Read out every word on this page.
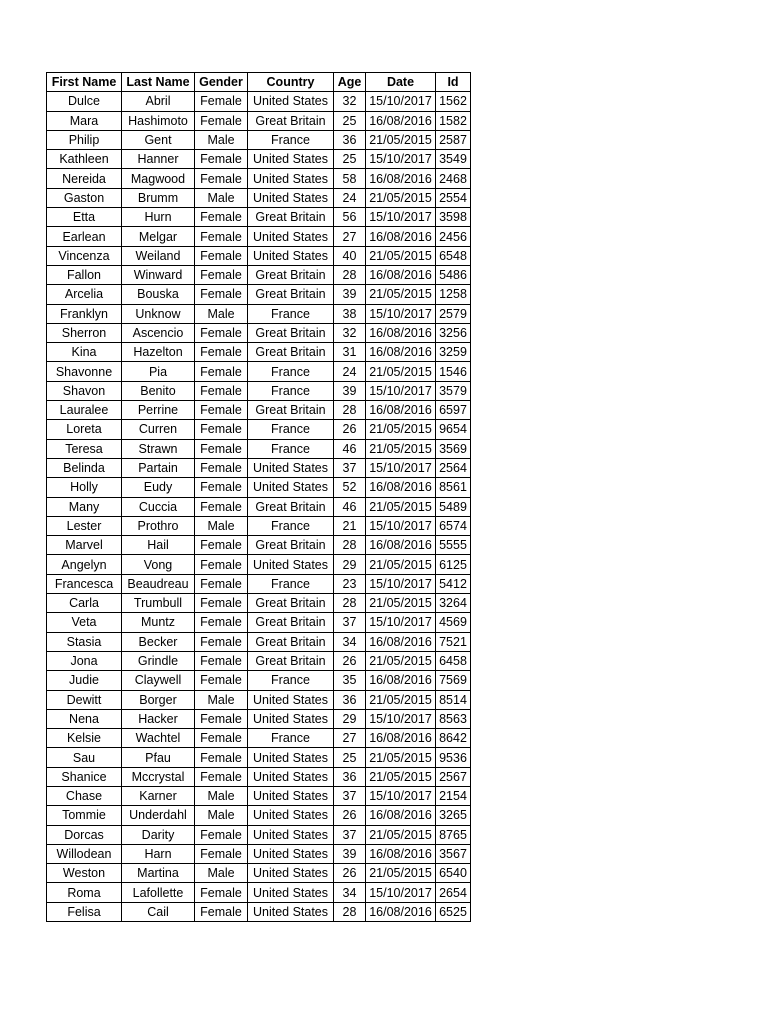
First Name	Last Name	Gender	Country	Age	Date	Id
Dulce	Abril	Female	United States	32	15/10/2017	1562
Mara	Hashimoto	Female	Great Britain	25	16/08/2016	1582
Philip	Gent	Male	France	36	21/05/2015	2587
Kathleen	Hanner	Female	United States	25	15/10/2017	3549
Nereida	Magwood	Female	United States	58	16/08/2016	2468
Gaston	Brumm	Male	United States	24	21/05/2015	2554
Etta	Hurn	Female	Great Britain	56	15/10/2017	3598
Earlean	Melgar	Female	United States	27	16/08/2016	2456
Vincenza	Weiland	Female	United States	40	21/05/2015	6548
Fallon	Winward	Female	Great Britain	28	16/08/2016	5486
Arcelia	Bouska	Female	Great Britain	39	21/05/2015	1258
Franklyn	Unknow	Male	France	38	15/10/2017	2579
Sherron	Ascencio	Female	Great Britain	32	16/08/2016	3256
Kina	Hazelton	Female	Great Britain	31	16/08/2016	3259
Shavonne	Pia	Female	France	24	21/05/2015	1546
Shavon	Benito	Female	France	39	15/10/2017	3579
Lauralee	Perrine	Female	Great Britain	28	16/08/2016	6597
Loreta	Curren	Female	France	26	21/05/2015	9654
Teresa	Strawn	Female	France	46	21/05/2015	3569
Belinda	Partain	Female	United States	37	15/10/2017	2564
Holly	Eudy	Female	United States	52	16/08/2016	8561
Many	Cuccia	Female	Great Britain	46	21/05/2015	5489
Lester	Prothro	Male	France	21	15/10/2017	6574
Marvel	Hail	Female	Great Britain	28	16/08/2016	5555
Angelyn	Vong	Female	United States	29	21/05/2015	6125
Francesca	Beaudreau	Female	France	23	15/10/2017	5412
Carla	Trumbull	Female	Great Britain	28	21/05/2015	3264
Veta	Muntz	Female	Great Britain	37	15/10/2017	4569
Stasia	Becker	Female	Great Britain	34	16/08/2016	7521
Jona	Grindle	Female	Great Britain	26	21/05/2015	6458
Judie	Claywell	Female	France	35	16/08/2016	7569
Dewitt	Borger	Male	United States	36	21/05/2015	8514
Nena	Hacker	Female	United States	29	15/10/2017	8563
Kelsie	Wachtel	Female	France	27	16/08/2016	8642
Sau	Pfau	Female	United States	25	21/05/2015	9536
Shanice	Mccrystal	Female	United States	36	21/05/2015	2567
Chase	Karner	Male	United States	37	15/10/2017	2154
Tommie	Underdahl	Male	United States	26	16/08/2016	3265
Dorcas	Darity	Female	United States	37	21/05/2015	8765
Willodean	Harn	Female	United States	39	16/08/2016	3567
Weston	Martina	Male	United States	26	21/05/2015	6540
Roma	Lafollette	Female	United States	34	15/10/2017	2654
Felisa	Cail	Female	United States	28	16/08/2016	6525
